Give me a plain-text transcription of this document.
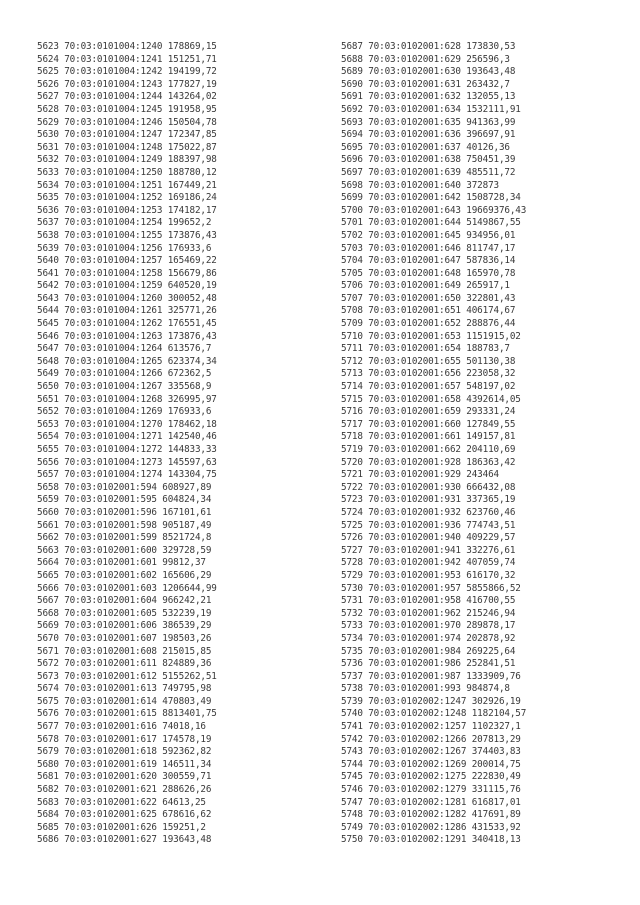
5623 70:03:0101004:1240 178869,15
5624 70:03:0101004:1241 151251,71
5625 70:03:0101004:1242 194199,72
5626 70:03:0101004:1243 177827,19
5627 70:03:0101004:1244 143264,02
5628 70:03:0101004:1245 191958,95
5629 70:03:0101004:1246 150504,78
5630 70:03:0101004:1247 172347,85
5631 70:03:0101004:1248 175022,87
5632 70:03:0101004:1249 188397,98
5633 70:03:0101004:1250 188780,12
5634 70:03:0101004:1251 167449,21
5635 70:03:0101004:1252 169186,24
5636 70:03:0101004:1253 174182,17
5637 70:03:0101004:1254 199652,2
5638 70:03:0101004:1255 173876,43
5639 70:03:0101004:1256 176933,6
5640 70:03:0101004:1257 165469,22
5641 70:03:0101004:1258 156679,86
5642 70:03:0101004:1259 640520,19
5643 70:03:0101004:1260 300052,48
5644 70:03:0101004:1261 325771,26
5645 70:03:0101004:1262 176551,45
5646 70:03:0101004:1263 173876,43
5647 70:03:0101004:1264 613576,7
5648 70:03:0101004:1265 623374,34
5649 70:03:0101004:1266 672362,5
5650 70:03:0101004:1267 335568,9
5651 70:03:0101004:1268 326995,97
5652 70:03:0101004:1269 176933,6
5653 70:03:0101004:1270 178462,18
5654 70:03:0101004:1271 142540,46
5655 70:03:0101004:1272 144833,33
5656 70:03:0101004:1273 145597,63
5657 70:03:0101004:1274 143304,75
5658 70:03:0102001:594 608927,89
5659 70:03:0102001:595 604824,34
5660 70:03:0102001:596 167101,61
5661 70:03:0102001:598 905187,49
5662 70:03:0102001:599 8521724,8
5663 70:03:0102001:600 329728,59
5664 70:03:0102001:601 99812,37
5665 70:03:0102001:602 165606,29
5666 70:03:0102001:603 1206644,99
5667 70:03:0102001:604 966242,21
5668 70:03:0102001:605 532239,19
5669 70:03:0102001:606 386539,29
5670 70:03:0102001:607 198503,26
5671 70:03:0102001:608 215015,85
5672 70:03:0102001:611 824889,36
5673 70:03:0102001:612 5155262,51
5674 70:03:0102001:613 749795,98
5675 70:03:0102001:614 470803,49
5676 70:03:0102001:615 8813401,75
5677 70:03:0102001:616 74018,16
5678 70:03:0102001:617 174578,19
5679 70:03:0102001:618 592362,82
5680 70:03:0102001:619 146511,34
5681 70:03:0102001:620 300559,71
5682 70:03:0102001:621 288626,26
5683 70:03:0102001:622 64613,25
5684 70:03:0102001:625 678616,62
5685 70:03:0102001:626 159251,2
5686 70:03:0102001:627 193643,48
5687 70:03:0102001:628 173830,53
5688 70:03:0102001:629 256596,3
5689 70:03:0102001:630 193643,48
5690 70:03:0102001:631 263432,7
5691 70:03:0102001:632 132055,13
5692 70:03:0102001:634 1532111,91
5693 70:03:0102001:635 941363,99
5694 70:03:0102001:636 396697,91
5695 70:03:0102001:637 40126,36
5696 70:03:0102001:638 750451,39
5697 70:03:0102001:639 485511,72
5698 70:03:0102001:640 372873
5699 70:03:0102001:642 1508728,34
5700 70:03:0102001:643 19669376,43
5701 70:03:0102001:644 5149867,55
5702 70:03:0102001:645 934956,01
5703 70:03:0102001:646 811747,17
5704 70:03:0102001:647 587836,14
5705 70:03:0102001:648 165970,78
5706 70:03:0102001:649 265917,1
5707 70:03:0102001:650 322801,43
5708 70:03:0102001:651 406174,67
5709 70:03:0102001:652 288876,44
5710 70:03:0102001:653 1151915,02
5711 70:03:0102001:654 188783,7
5712 70:03:0102001:655 501130,38
5713 70:03:0102001:656 223058,32
5714 70:03:0102001:657 548197,02
5715 70:03:0102001:658 4392614,05
5716 70:03:0102001:659 293331,24
5717 70:03:0102001:660 127849,55
5718 70:03:0102001:661 149157,81
5719 70:03:0102001:662 204110,69
5720 70:03:0102001:928 186363,42
5721 70:03:0102001:929 243464
5722 70:03:0102001:930 666432,08
5723 70:03:0102001:931 337365,19
5724 70:03:0102001:932 623760,46
5725 70:03:0102001:936 774743,51
5726 70:03:0102001:940 409229,57
5727 70:03:0102001:941 332276,61
5728 70:03:0102001:942 407059,74
5729 70:03:0102001:953 616170,32
5730 70:03:0102001:957 5855866,52
5731 70:03:0102001:958 416700,55
5732 70:03:0102001:962 215246,94
5733 70:03:0102001:970 289878,17
5734 70:03:0102001:974 202878,92
5735 70:03:0102001:984 269225,64
5736 70:03:0102001:986 252841,51
5737 70:03:0102001:987 1333909,76
5738 70:03:0102001:993 984874,8
5739 70:03:0102002:1247 302926,19
5740 70:03:0102002:1248 1182104,57
5741 70:03:0102002:1257 1102327,1
5742 70:03:0102002:1266 207813,29
5743 70:03:0102002:1267 374403,83
5744 70:03:0102002:1269 200014,75
5745 70:03:0102002:1275 222830,49
5746 70:03:0102002:1279 331115,76
5747 70:03:0102002:1281 616817,01
5748 70:03:0102002:1282 417691,89
5749 70:03:0102002:1286 431533,92
5750 70:03:0102002:1291 340418,13
